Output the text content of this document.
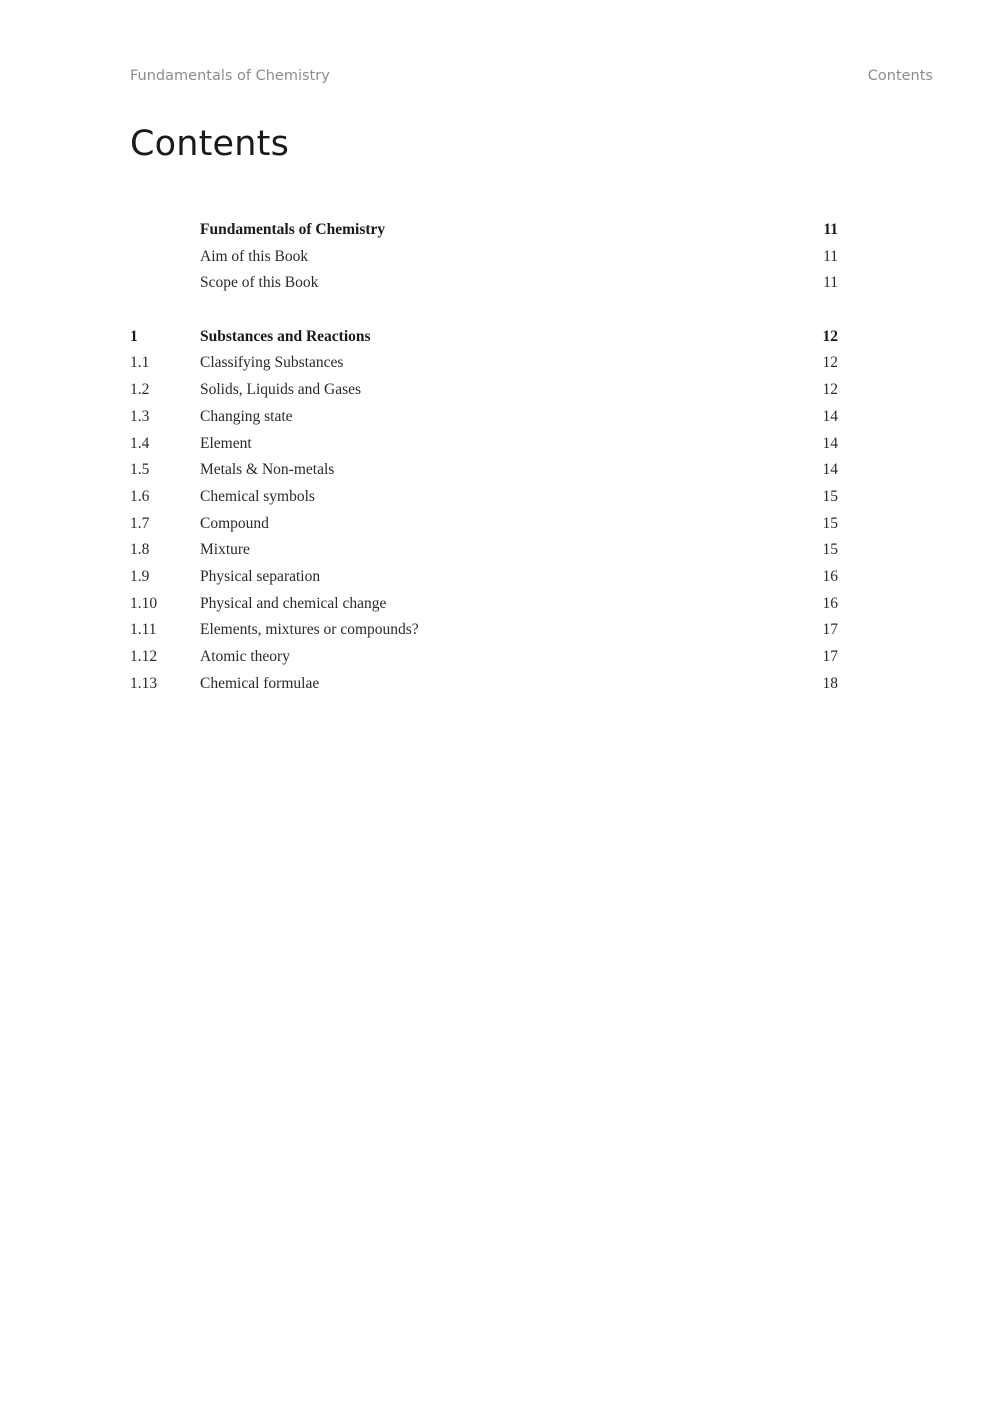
Fundamentals of Chemistry	Contents
Contents
Fundamentals of Chemistry	11
Aim of this Book	11
Scope of this Book	11
1	Substances and Reactions	12
1.1	Classifying Substances	12
1.2	Solids, Liquids and Gases	12
1.3	Changing state	14
1.4	Element	14
1.5	Metals & Non-metals	14
1.6	Chemical symbols	15
1.7	Compound	15
1.8	Mixture	15
1.9	Physical separation	16
1.10	Physical and chemical change	16
1.11	Elements, mixtures or compounds?	17
1.12	Atomic theory	17
1.13	Chemical formulae	18
